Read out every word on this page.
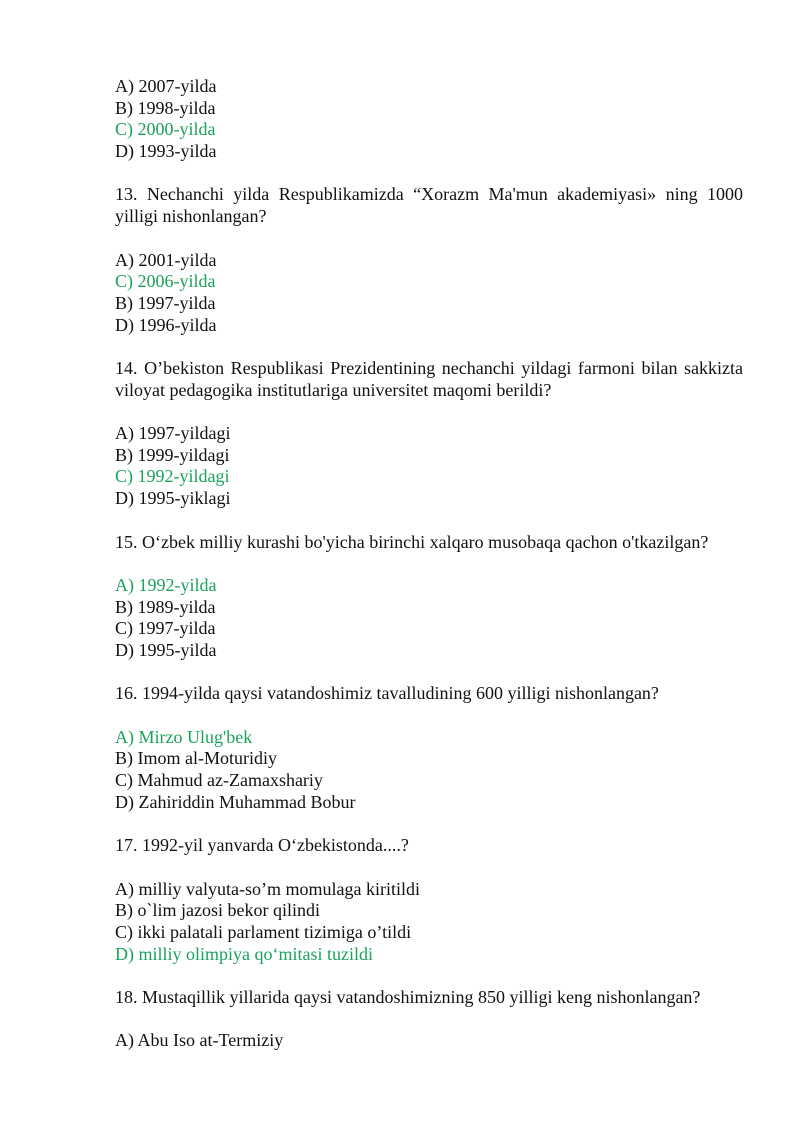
A) 2007-yilda
B) 1998-yilda
C) 2000-yilda
D) 1993-yilda
13. Nechanchi yilda Respublikamizda “Xorazm Ma'mun akademiyasi» ning 1000 yilligi nishonlangan?
A) 2001-yilda
C) 2006-yilda
B) 1997-yilda
D) 1996-yilda
14. O’bekiston Respublikasi Prezidentining nechanchi yildagi farmoni bilan sakkizta viloyat pedagogika institutlariga universitet maqomi berildi?
A) 1997-yildagi
B) 1999-yildagi
C) 1992-yildagi
D) 1995-yiklagi
15. O‘zbek milliy kurashi bo'yicha birinchi xalqaro musobaqa qachon o'tkazilgan?
A) 1992-yilda
B) 1989-yilda
C) 1997-yilda
D) 1995-yilda
16. 1994-yilda qaysi vatandoshimiz tavalludining 600 yilligi nishonlangan?
A) Mirzo Ulug'bek
B) Imom al-Moturidiy
C) Mahmud az-Zamaxshariy
D) Zahiriddin Muhammad Bobur
17. 1992-yil yanvarda O‘zbekistonda....?
A) milliy valyuta-so’m momulaga kiritildi
B) o`lim jazosi bekor qilindi
C) ikki palatali parlament tizimiga o’tildi
D) milliy olimpiya qo‘mitasi tuzildi
18. Mustaqillik yillarida qaysi vatandoshimizning 850 yilligi keng nishonlangan?
A) Abu Iso at-Termiziy
